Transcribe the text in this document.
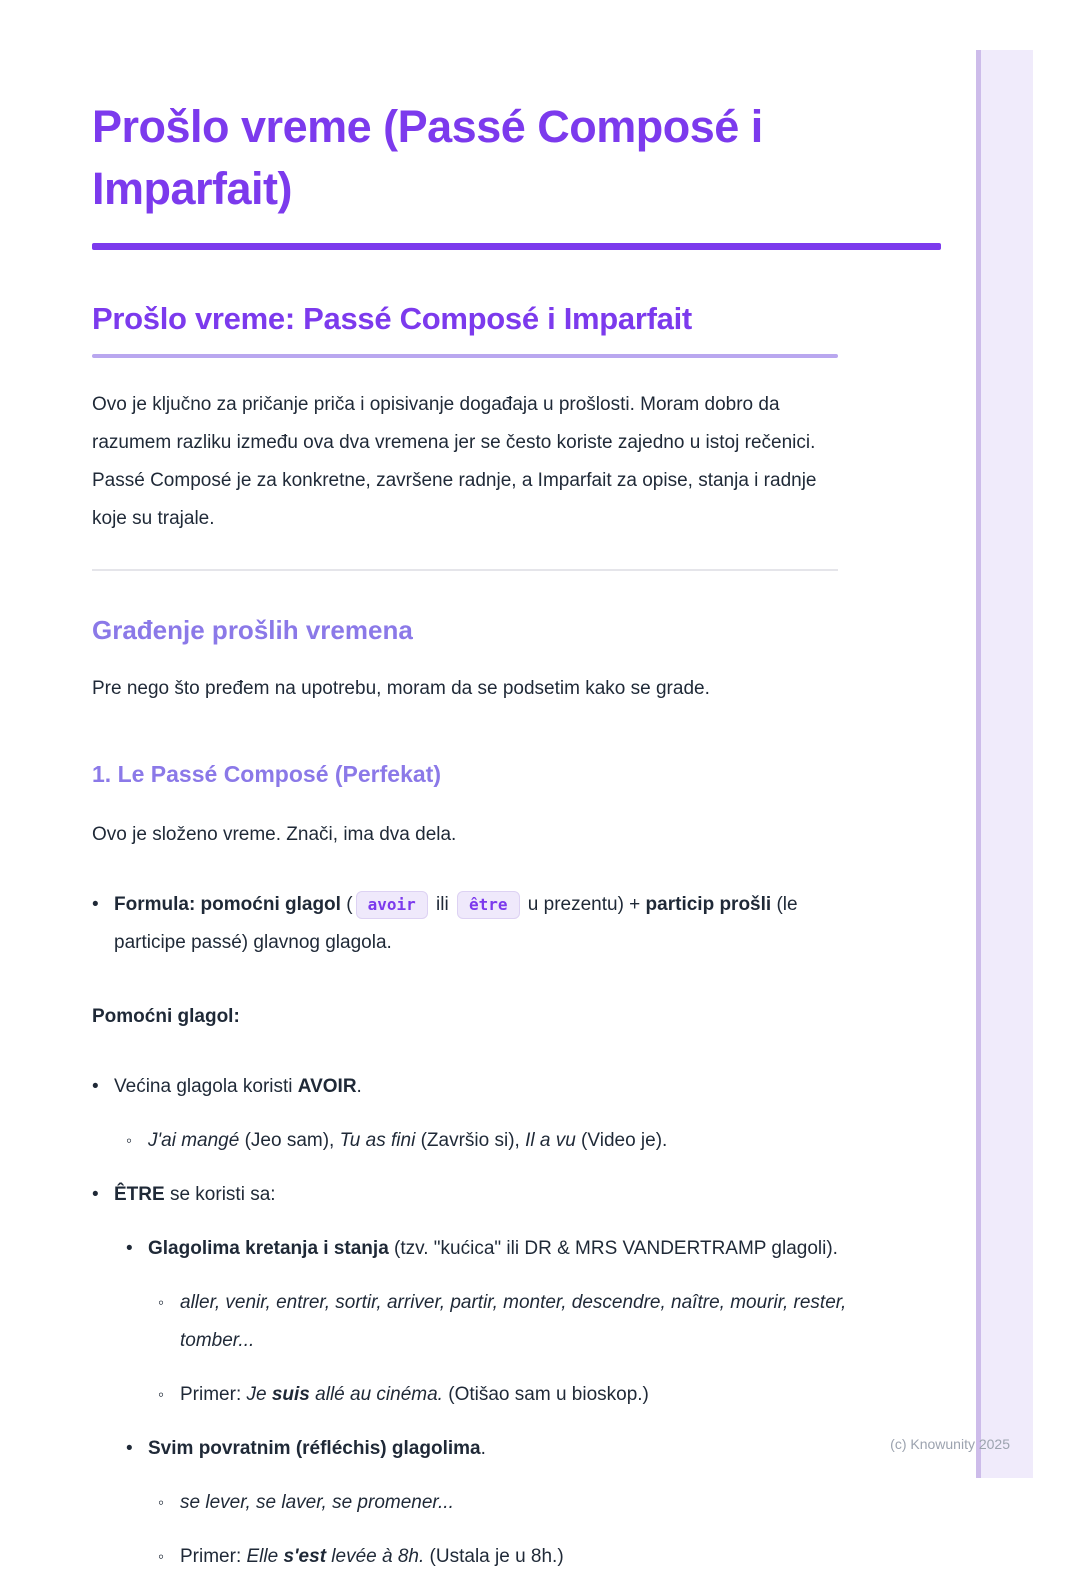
Prošlo vreme (Passé Composé i Imparfait)
Prošlo vreme: Passé Composé i Imparfait

Ovo je ključno za pričanje priča i opisivanje događaja u prošlosti. Moram dobro da razumem razliku između ova dva vremena jer se često koriste zajedno u istoj rečenici. Passé Composé je za konkretne, završene radnje, a Imparfait za opise, stanja i radnje koje su trajale.

Građenje prošlih vremena

Pre nego što pređem na upotrebu, moram da se podsetim kako se grade.

1. Le Passé Composé (Perfekat)

Ovo je složeno vreme. Znači, ima dva dela.

• Formula: pomoćni glagol ( avoir ili être u prezentu) + particip prošli (le participe passé) glavnog glagola.

Pomoćni glagol:

• Većina glagola koristi AVOIR.
◦ J'ai mangé (Jeo sam), Tu as fini (Završio si), Il a vu (Video je).
• ÊTRE se koristi sa:
• Glagolima kretanja i stanja (tzv. "kućica" ili DR & MRS VANDERTRAMP glagoli).
◦ aller, venir, entrer, sortir, arriver, partir, monter, descendre, naître, mourir, rester, tomber...
◦ Primer: Je suis allé au cinéma. (Otišao sam u bioskop.)
• Svim povratnim (réfléchis) glagolima.
◦ se lever, se laver, se promener...
◦ Primer: Elle s'est levée à 8h. (Ustala je u 8h.)
(c) Knowunity 2025
